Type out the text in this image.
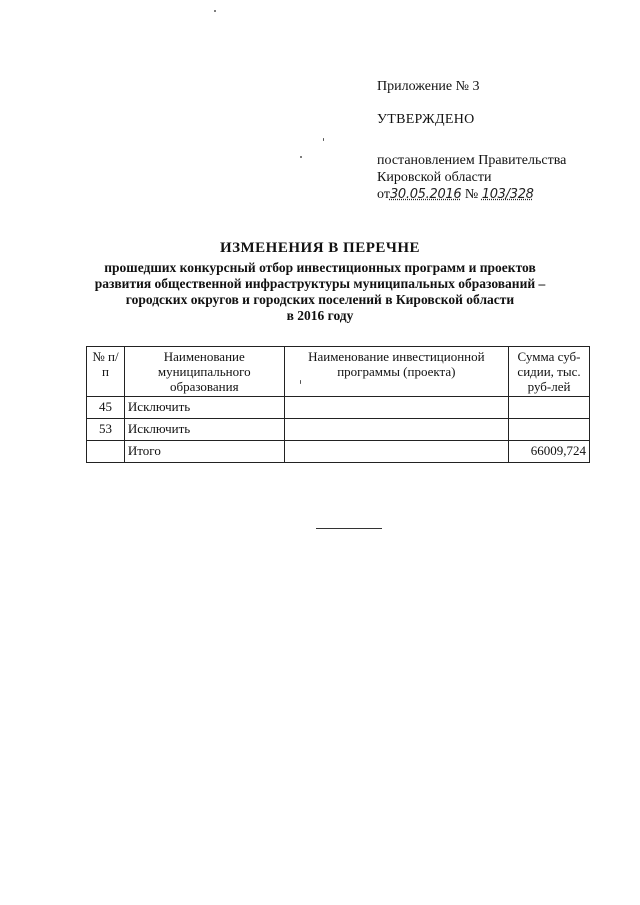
Приложение № 3
УТВЕРЖДЕНО
постановлением Правительства
Кировской области
от30.05.2016 № 103/328
ИЗМЕНЕНИЯ В ПЕРЕЧНЕ
прошедших конкурсный отбор инвестиционных программ и проектов
развития общественной инфраструктуры муниципальных образований –
городских округов и городских поселений в Кировской области
в 2016 году
№ п/п	Наименование муниципального образования	Наименование инвестиционной программы (проекта)	Сумма суб-сидии, тыс. руб-лей
45	Исключить		
53	Исключить		
	Итого		66009,724
